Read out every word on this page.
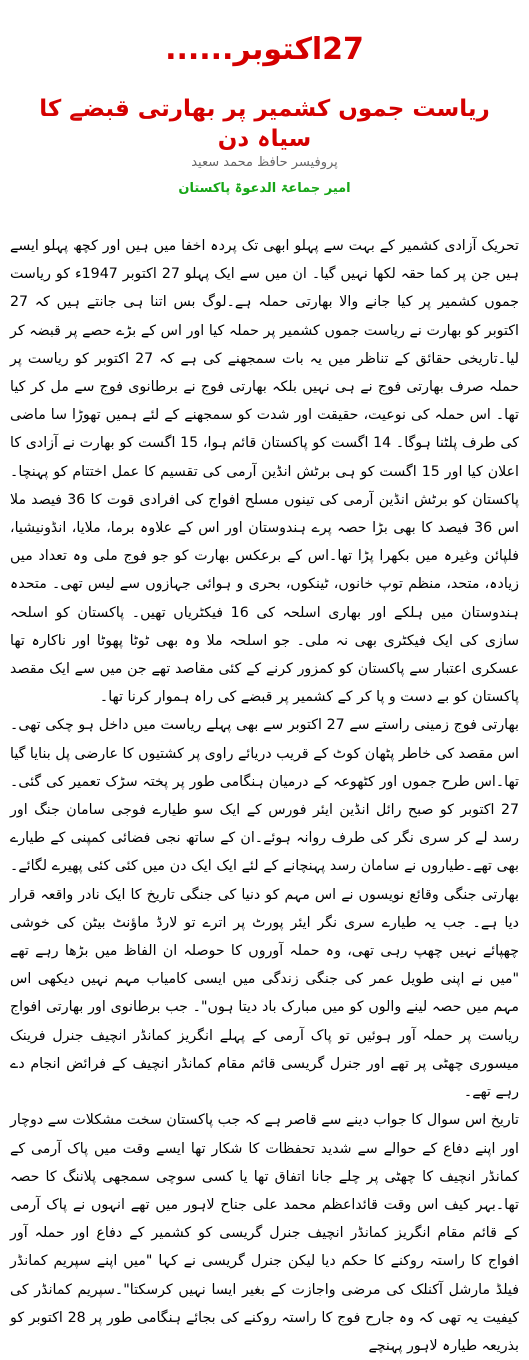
27اکتوبر......
ریاست جموں کشمیر پر بھارتی قبضے کا سیاہ دن
پروفیسر حافظ محمد سعید
امیر جماعۃ الدعوۃ پاکستان

تحریک آزادی کشمیر کے بہت سے پہلو ابھی تک پردہ اخفا میں ہیں اور کچھ پہلو ایسے ہیں جن پر کما حقہ لکھا نہیں گیا۔ ان میں سے ایک پہلو 27 اکتوبر 1947ء کو ریاست جموں کشمیر پر کیا جانے والا بھارتی حملہ ہے۔لوگ بس اتنا ہی جانتے ہیں کہ 27 اکتوبر کو بھارت نے ریاست جموں کشمیر پر حملہ کیا اور اس کے بڑے حصے پر قبضہ کر لیا۔تاریخی حقائق کے تناظر میں یہ بات سمجھنے کی ہے کہ 27 اکتوبر کو ریاست پر حملہ صرف بھارتی فوج نے ہی نہیں بلکہ بھارتی فوج نے برطانوی فوج سے مل کر کیا تھا۔ اس حملہ کی نوعیت، حقیقت اور شدت کو سمجھنے کے لئے ہمیں تھوڑا سا ماضی کی طرف پلٹنا ہوگا۔ 14 اگست کو پاکستان قائم ہوا، 15 اگست کو بھارت نے آزادی کا اعلان کیا اور 15 اگست کو ہی برٹش انڈین آرمی کی تقسیم کا عمل اختتام کو پہنچا۔ پاکستان کو برٹش انڈین آرمی کی تینوں مسلح افواج کی افرادی قوت کا 36 فیصد ملا اس 36 فیصد کا بھی بڑا حصہ پرے ہندوستان اور اس کے علاوہ برما، ملایا، انڈونیشیا، فلپائن وغیرہ میں بکھرا پڑا تھا۔اس کے برعکس بھارت کو جو فوج ملی وہ تعداد میں زیادہ، متحد، منظم توپ خانوں، ٹینکوں، بحری و ہوائی جہازوں سے لیس تھی۔ متحدہ ہندوستان میں ہلکے اور بھاری اسلحہ کی 16 فیکٹریاں تھیں۔ پاکستان کو اسلحہ سازی کی ایک فیکٹری بھی نہ ملی۔ جو اسلحہ ملا وہ بھی ٹوٹا پھوٹا اور ناکارہ تھا عسکری اعتبار سے پاکستان کو کمزور کرنے کے کئی مقاصد تھے جن میں سے ایک مقصد پاکستان کو بے دست و پا کر کے کشمیر پر قبضے کی راہ ہموار کرنا تھا۔

بھارتی فوج زمینی راستے سے 27 اکتوبر سے بھی پہلے ریاست میں داخل ہو چکی تھی۔اس مقصد کی خاطر پٹھان کوٹ کے قریب دریائے راوی پر کشتیوں کا عارضی پل بنایا گیا تھا۔اس طرح جموں اور کٹھوعہ کے درمیان ہنگامی طور پر پختہ سڑک تعمیر کی گئی۔ 27 اکتوبر کو صبح رائل انڈین ایئر فورس کے ایک سو طیارے فوجی سامان جنگ اور رسد لے کر سری نگر کی طرف روانہ ہوئے۔ان کے ساتھ نجی فضائی کمپنی کے طیارے بھی تھے۔طیاروں نے سامان رسد پہنچانے کے لئے ایک ایک دن میں کئی کئی پھیرے لگائے۔ بھارتی جنگی وقائع نویسوں نے اس مہم کو دنیا کی جنگی تاریخ کا ایک نادر واقعہ قرار دیا ہے۔ جب یہ طیارے سری نگر ایئر پورٹ پر اترے تو لارڈ ماؤنٹ بیٹن کی خوشی چھپائے نہیں چھپ رہی تھی، وہ حملہ آوروں کا حوصلہ ان الفاظ میں بڑھا رہے تھے "میں نے اپنی طویل عمر کی جنگی زندگی میں ایسی کامیاب مہم نہیں دیکھی اس مہم میں حصہ لینے والوں کو میں مبارک باد دیتا ہوں"۔ جب برطانوی اور بھارتی افواج ریاست پر حملہ آور ہوئیں تو پاک آرمی کے پہلے انگریز کمانڈر انچیف جنرل فرینک میسوری چھٹی پر تھے اور جنرل گریسی قائم مقام کمانڈر انچیف کے فرائض انجام دے رہے تھے۔

تاریخ اس سوال کا جواب دینے سے قاصر ہے کہ جب پاکستان سخت مشکلات سے دوچار اور اپنے دفاع کے حوالے سے شدید تحفظات کا شکار تھا ایسے وقت میں پاک آرمی کے کمانڈر انچیف کا چھٹی پر چلے جانا اتفاق تھا یا کسی سوچی سمجھی پلاننگ کا حصہ تھا۔بہر کیف اس وقت قائداعظم محمد علی جناح لاہور میں تھے انہوں نے پاک آرمی کے قائم مقام انگریز کمانڈر انچیف جنرل گریسی کو کشمیر کے دفاع اور حملہ آور افواج کا راستہ روکنے کا حکم دیا لیکن جنرل گریسی نے کہا "میں اپنے سپریم کمانڈر فیلڈ مارشل آکنلک کی مرضی واجازت کے بغیر ایسا نہیں کرسکتا"۔سپریم کمانڈر کی کیفیت یہ تھی کہ وہ جارح فوج کا راستہ روکنے کی بجائے ہنگامی طور پر 28 اکتوبر کو بذریعہ طیارہ لاہور پہنچے
